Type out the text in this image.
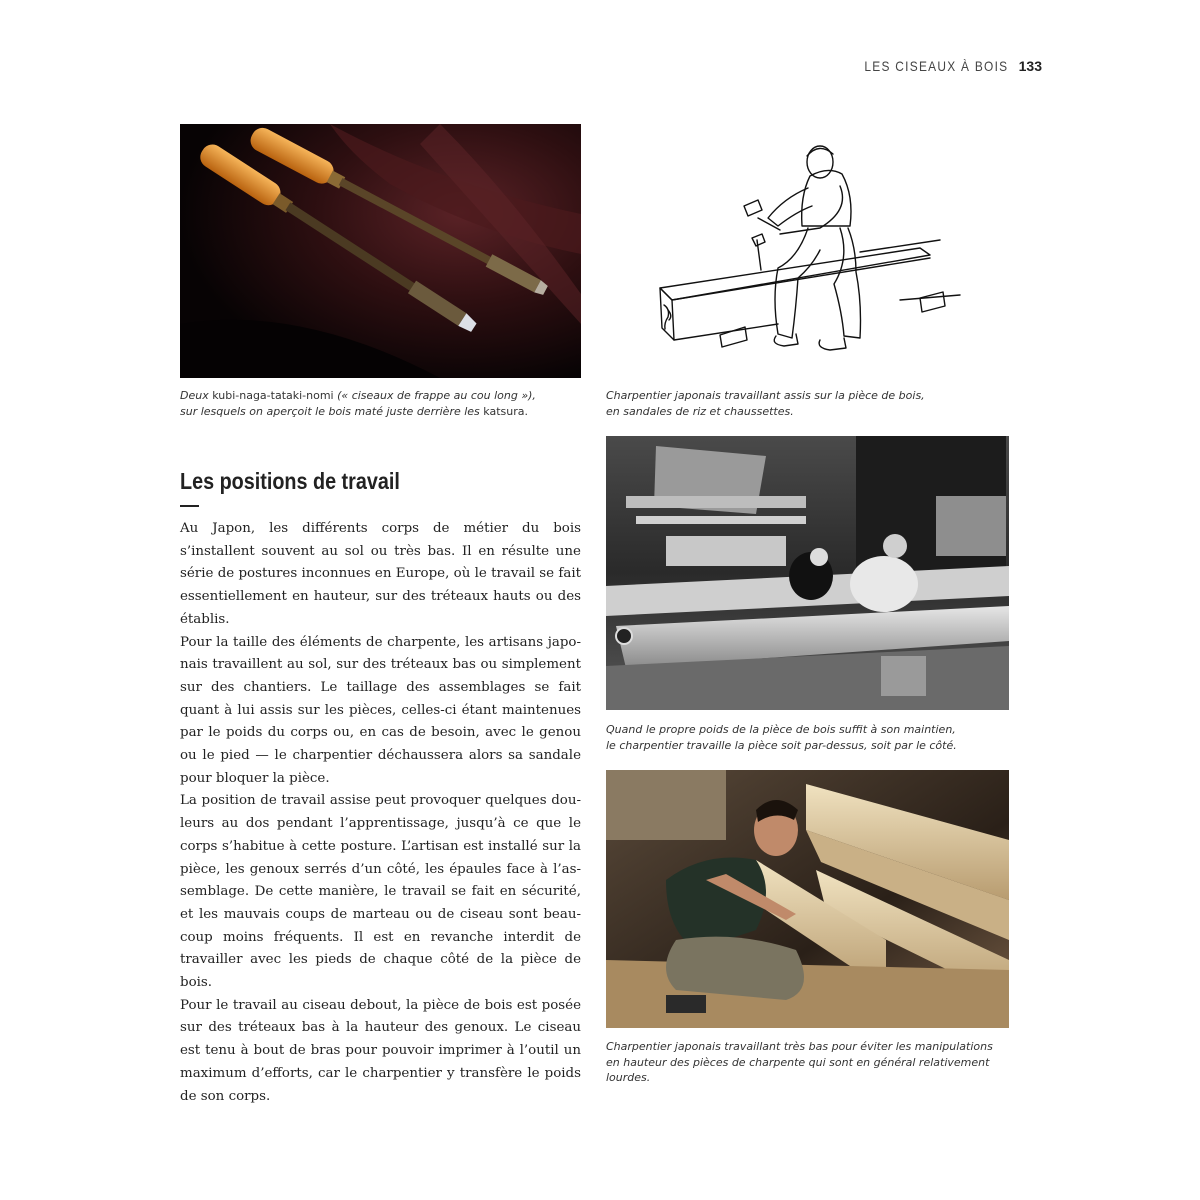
LES CISEAUX À BOIS 133
Deux kubi-naga-tataki-nomi (« ciseaux de frappe au cou long »),
sur lesquels on aperçoit le bois maté juste derrière les katsura.
Charpentier japonais travaillant assis sur la pièce de bois,
en sandales de riz et chaussettes.
Quand le propre poids de la pièce de bois suffit à son maintien,
le charpentier travaille la pièce soit par-dessus, soit par le côté.
Charpentier japonais travaillant très bas pour éviter les manipulations
en hauteur des pièces de charpente qui sont en général relativement
lourdes.
Les positions de travail

Au Japon, les différents corps de métier du bois s’installent souvent au sol ou très bas. Il en résulte une série de postures inconnues en Europe, où le travail se fait essentiellement en hauteur, sur des tréteaux hauts ou des établis.

Pour la taille des éléments de charpente, les artisans japonais travaillent au sol, sur des tréteaux bas ou simplement sur des chantiers. Le taillage des assemblages se fait quant à lui assis sur les pièces, celles-ci étant maintenues par le poids du corps ou, en cas de besoin, avec le genou ou le pied — le charpentier déchaussera alors sa sandale pour bloquer la pièce.

La position de travail assise peut provoquer quelques douleurs au dos pendant l’apprentissage, jusqu’à ce que le corps s’habitue à cette posture. L’artisan est installé sur la pièce, les genoux serrés d’un côté, les épaules face à l’assemblage. De cette manière, le travail se fait en sécurité, et les mauvais coups de marteau ou de ciseau sont beaucoup moins fréquents. Il est en revanche interdit de travailler avec les pieds de chaque côté de la pièce de bois.

Pour le travail au ciseau debout, la pièce de bois est posée sur des tréteaux bas à la hauteur des genoux. Le ciseau est tenu à bout de bras pour pouvoir imprimer à l’outil un maximum d’efforts, car le charpentier y transfère le poids de son corps.
